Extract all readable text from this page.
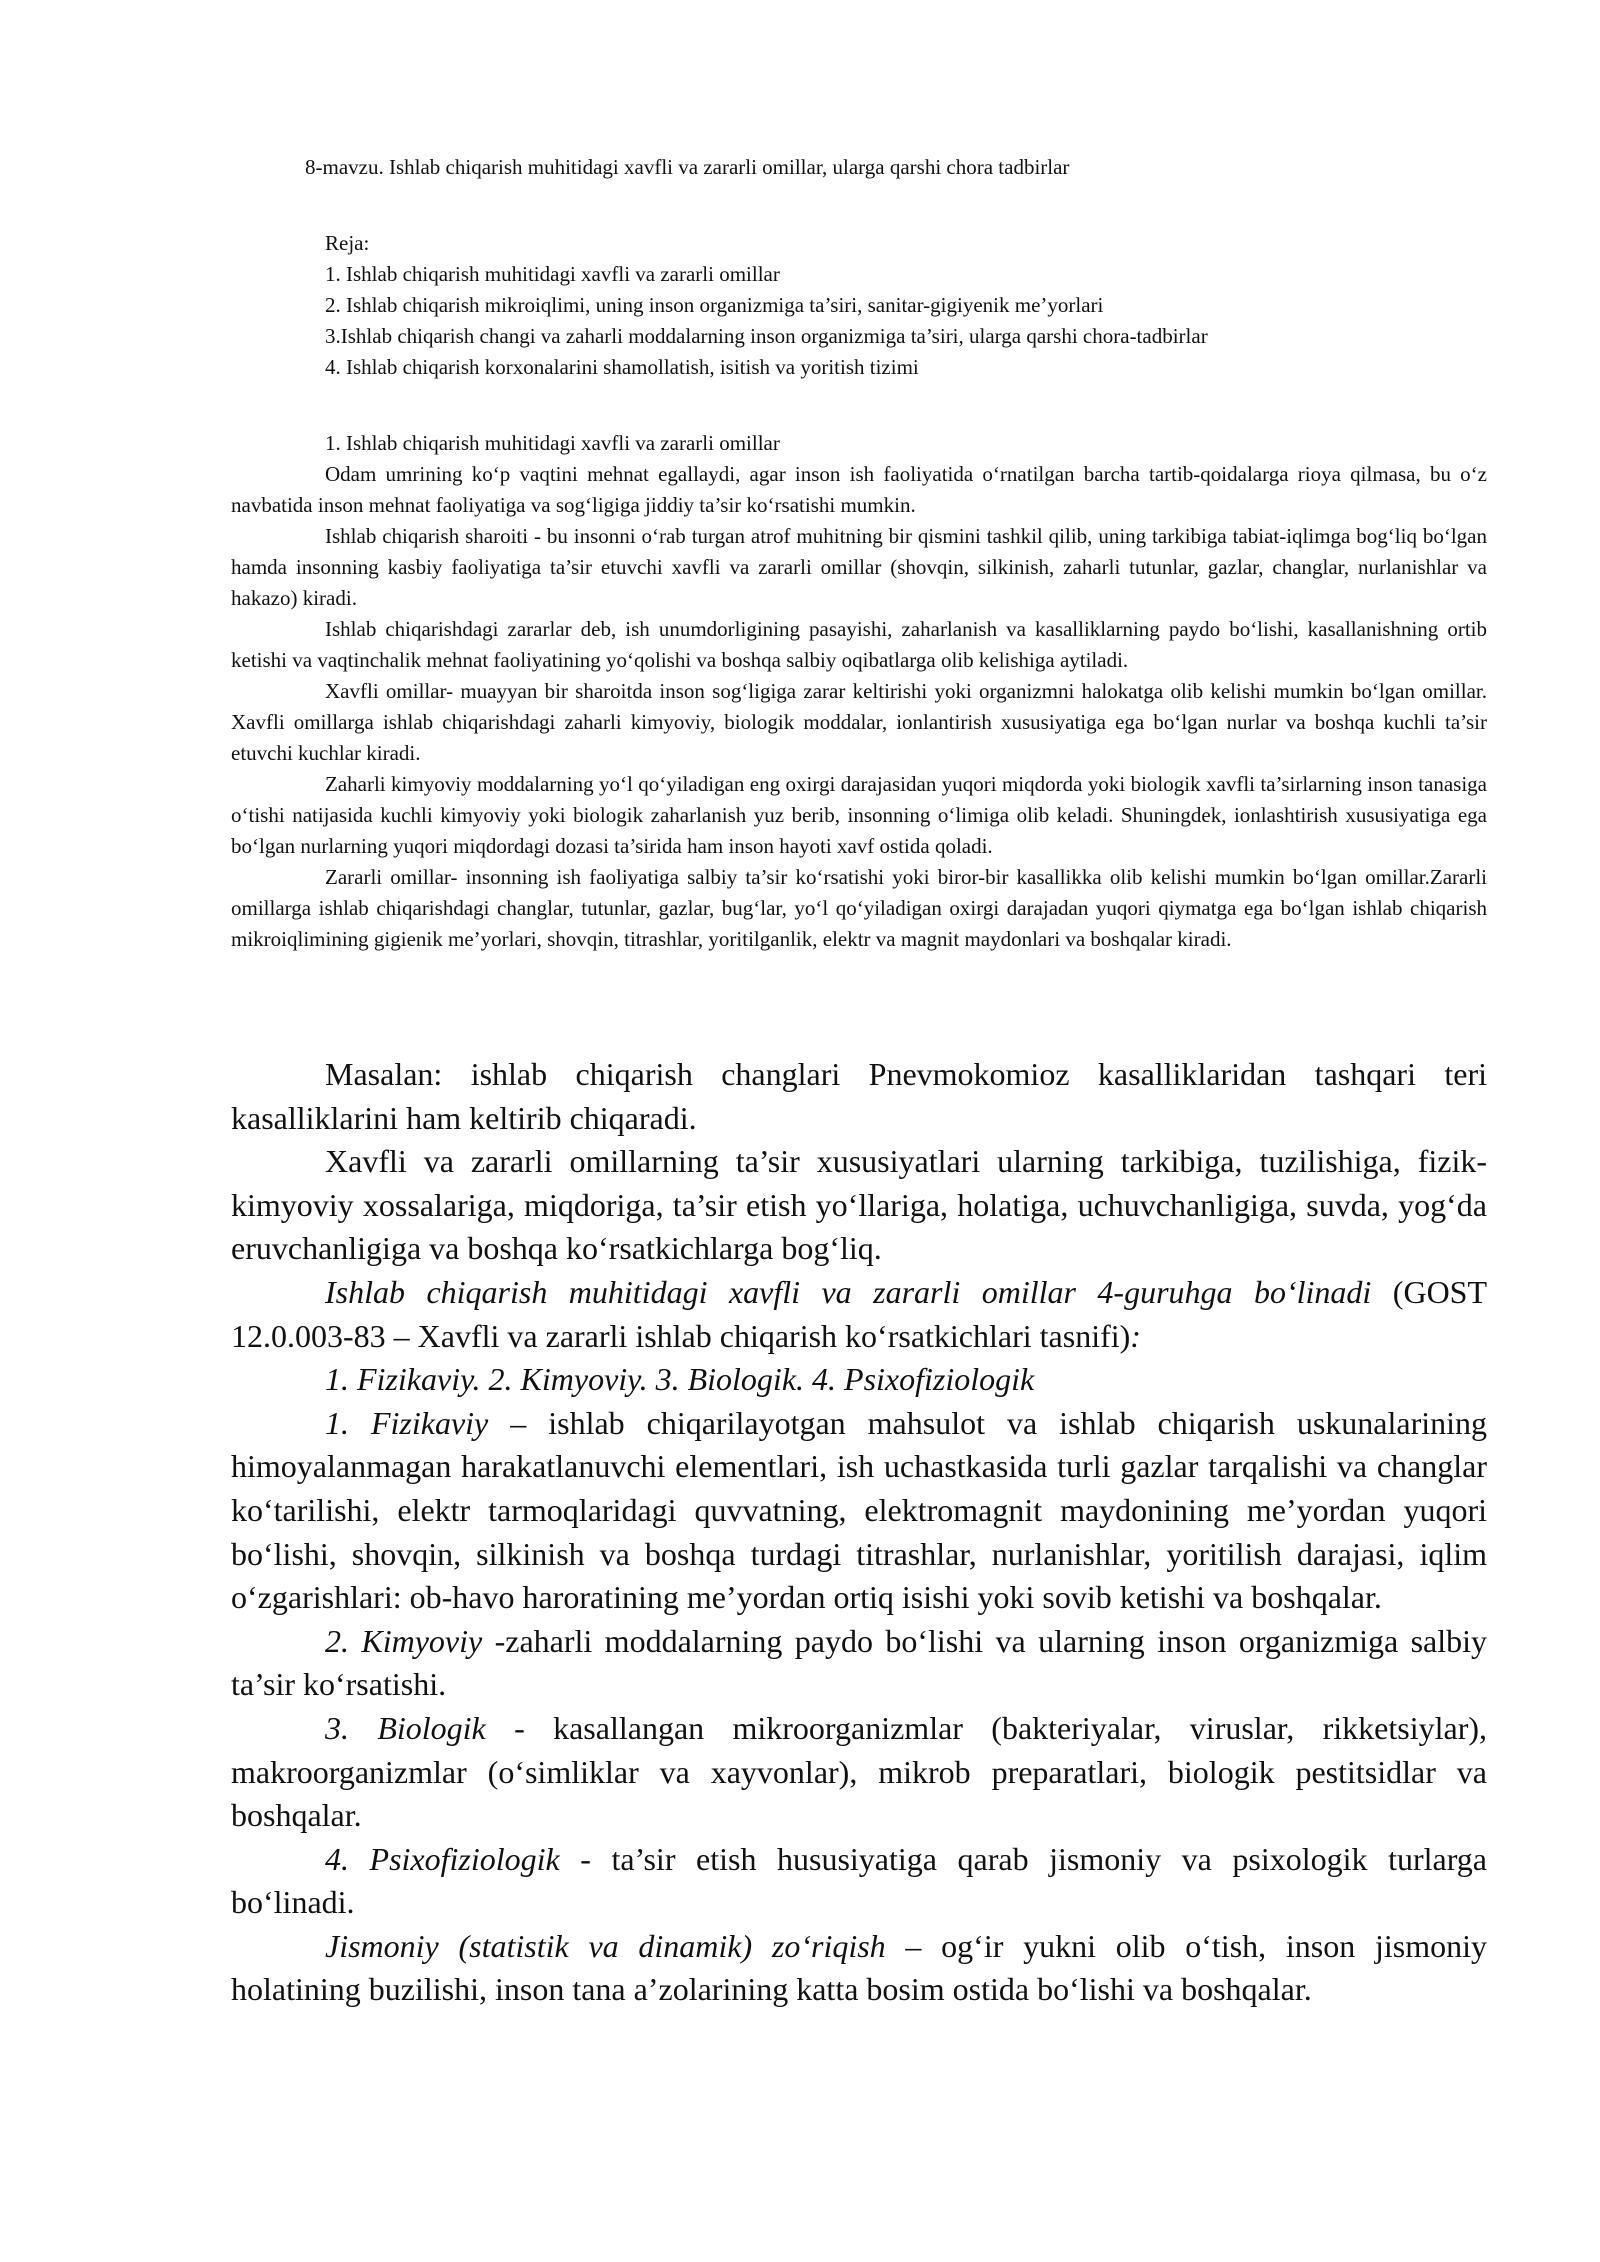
8-mavzu. Ishlab chiqarish muhitidagi xavfli va zararli omillar, ularga qarshi chora tadbirlar
Reja:
1. Ishlab chiqarish muhitidagi xavfli va zararli omillar
2. Ishlab chiqarish mikroiqlimi, uning inson organizmiga ta’siri, sanitar-gigiyenik me’yorlari
3.Ishlab chiqarish changi va zaharli moddalarning inson organizmiga ta’siri, ularga qarshi chora-tadbirlar
4. Ishlab chiqarish korxonalarini shamollatish, isitish va yoritish tizimi

1. Ishlab chiqarish muhitidagi xavfli va zararli omillar

Odam umrining ko‘p vaqtini mehnat egallaydi, agar inson ish faoliyatida o‘rnatilgan barcha tartib-qoidalarga rioya qilmasa, bu o‘z navbatida inson mehnat faoliyatiga va sog‘ligiga jiddiy ta’sir ko‘rsatishi mumkin.

Ishlab chiqarish sharoiti - bu insonni o‘rab turgan atrof muhitning bir qismini tashkil qilib, uning tarkibiga tabiat-iqlimga bog‘liq bo‘lgan hamda insonning kasbiy faoliyatiga ta’sir etuvchi xavfli va zararli omillar (shovqin, silkinish, zaharli tutunlar, gazlar, changlar, nurlanishlar va hakazo) kiradi.

Ishlab chiqarishdagi zararlar deb, ish unumdorligining pasayishi, zaharlanish va kasalliklarning paydo bo‘lishi, kasallanishning ortib ketishi va vaqtinchalik mehnat faoliyatining yo‘qolishi va boshqa salbiy oqibatlarga olib kelishiga aytiladi.

Xavfli omillar- muayyan bir sharoitda inson sog‘ligiga zarar keltirishi yoki organizmni halokatga olib kelishi mumkin bo‘lgan omillar. Xavfli omillarga ishlab chiqarishdagi zaharli kimyoviy, biologik moddalar, ionlantirish xususiyatiga ega bo‘lgan nurlar va boshqa kuchli ta’sir etuvchi kuchlar kiradi.

Zaharli kimyoviy moddalarning yo‘l qo‘yiladigan eng oxirgi darajasidan yuqori miqdorda yoki biologik xavfli ta’sirlarning inson tanasiga o‘tishi natijasida kuchli kimyoviy yoki biologik zaharlanish yuz berib, insonning o‘limiga olib keladi. Shuningdek, ionlashtirish xususiyatiga ega bo‘lgan nurlarning yuqori miqdordagi dozasi ta’sirida ham inson hayoti xavf ostida qoladi.

Zararli omillar- insonning ish faoliyatiga salbiy ta’sir ko‘rsatishi yoki biror-bir kasallikka olib kelishi mumkin bo‘lgan omillar.Zararli omillarga ishlab chiqarishdagi changlar, tutunlar, gazlar, bug‘lar, yo‘l qo‘yiladigan oxirgi darajadan yuqori qiymatga ega bo‘lgan ishlab chiqarish mikroiqlimining gigienik me’yorlari, shovqin, titrashlar, yoritilganlik, elektr va magnit maydonlari va boshqalar kiradi.

Masalan: ishlab chiqarish changlari Pnevmokomioz kasalliklaridan tashqari teri kasalliklarini ham keltirib chiqaradi.

Xavfli va zararli omillarning ta’sir xususiyatlari ularning tarkibiga, tuzilishiga, fizik-kimyoviy xossalariga, miqdoriga, ta’sir etish yo‘llariga, holatiga, uchuvchanligiga, suvda, yog‘da eruvchanligiga va boshqa ko‘rsatkichlarga bog‘liq.

Ishlab chiqarish muhitidagi xavfli va zararli omillar 4-guruhga bo‘linadi (GOST 12.0.003-83 – Xavfli va zararli ishlab chiqarish ko‘rsatkichlari tasnifi):

1. Fizikaviy. 2. Kimyoviy. 3. Biologik. 4. Psixofiziologik

1. Fizikaviy – ishlab chiqarilayotgan mahsulot va ishlab chiqarish uskunalarining himoyalanmagan harakatlanuvchi elementlari, ish uchastkasida turli gazlar tarqalishi va changlar ko‘tarilishi, elektr tarmoqlaridagi quvvatning, elektromagnit maydonining me’yordan yuqori bo‘lishi, shovqin, silkinish va boshqa turdagi titrashlar, nurlanishlar, yoritilish darajasi, iqlim o‘zgarishlari: ob-havo haroratining me’yordan ortiq isishi yoki sovib ketishi va boshqalar.

2. Kimyoviy -zaharli moddalarning paydo bo‘lishi va ularning inson organizmiga salbiy ta’sir ko‘rsatishi.

3. Biologik - kasallangan mikroorganizmlar (bakteriyalar, viruslar, rikketsiylar), makroorganizmlar (o‘simliklar va xayvonlar), mikrob preparatlari, biologik pestitsidlar va boshqalar.

4. Psixofiziologik - ta’sir etish hususiyatiga qarab jismoniy va psixologik turlarga bo‘linadi.

Jismoniy (statistik va dinamik) zo‘riqish – og‘ir yukni olib o‘tish, inson jismoniy holatining buzilishi, inson tana a’zolarining katta bosim ostida bo‘lishi va boshqalar.
